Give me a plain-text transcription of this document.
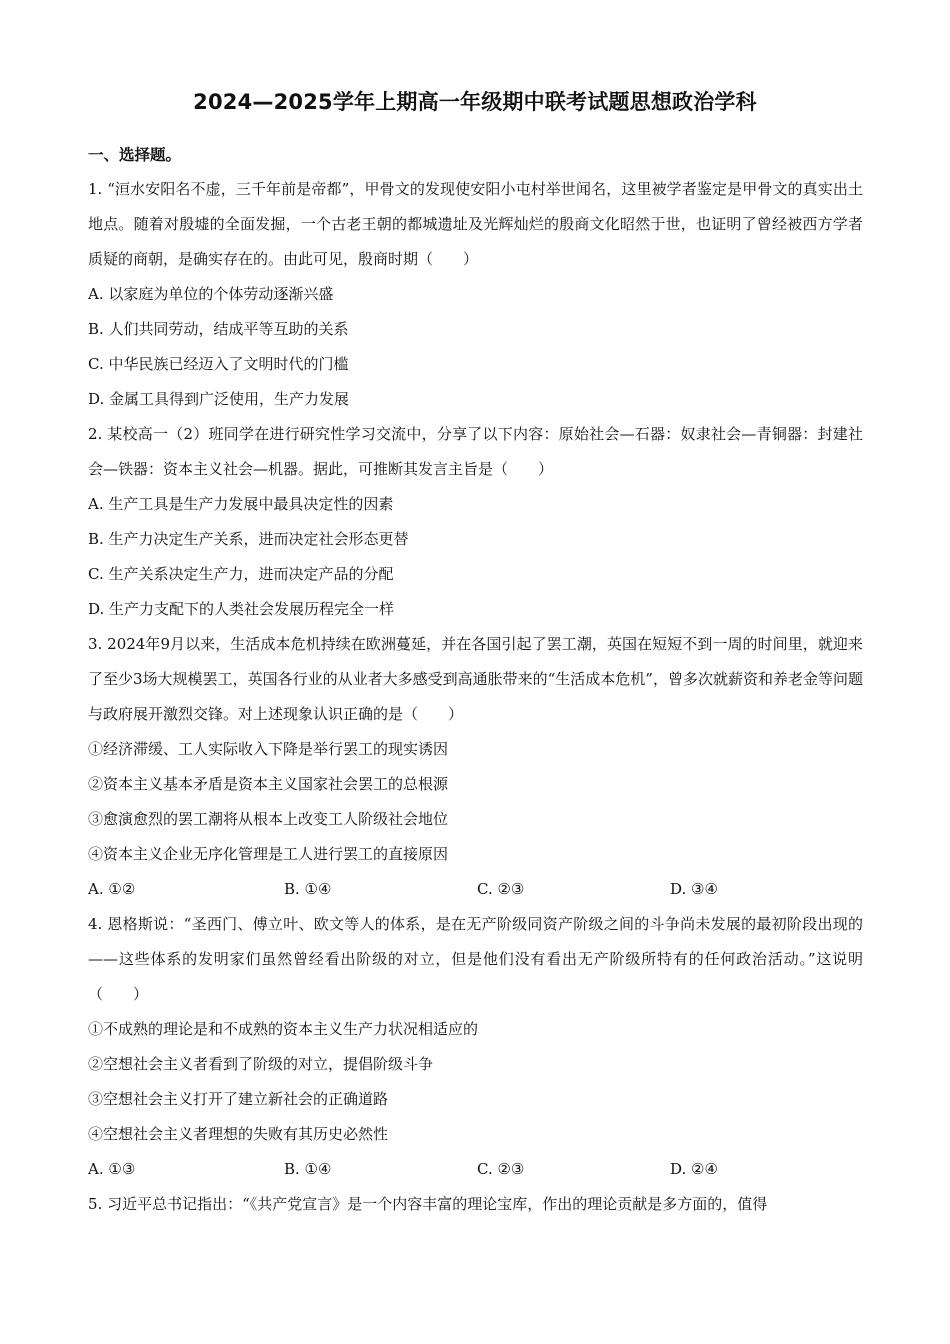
2024—2025学年上期高一年级期中联考试题思想政治学科
一、选择题。
1. “洹水安阳名不虚，三千年前是帝都”，甲骨文的发现使安阳小屯村举世闻名，这里被学者鉴定是甲骨文的真实出土地点。随着对殷墟的全面发掘，一个古老王朝的都城遗址及光辉灿烂的殷商文化昭然于世，也证明了曾经被西方学者质疑的商朝，是确实存在的。由此可见，殷商时期（　　）
A. 以家庭为单位的个体劳动逐渐兴盛
B. 人们共同劳动，结成平等互助的关系
C. 中华民族已经迈入了文明时代的门槛
D. 金属工具得到广泛使用，生产力发展
2. 某校高一（2）班同学在进行研究性学习交流中，分享了以下内容：原始社会—石器：奴隶社会—青铜器：封建社会—铁器：资本主义社会—机器。据此，可推断其发言主旨是（　　）
A. 生产工具是生产力发展中最具决定性的因素
B. 生产力决定生产关系，进而决定社会形态更替
C. 生产关系决定生产力，进而决定产品的分配
D. 生产力支配下的人类社会发展历程完全一样
3. 2024年9月以来，生活成本危机持续在欧洲蔓延，并在各国引起了罢工潮，英国在短短不到一周的时间里，就迎来了至少3场大规模罢工，英国各行业的从业者大多感受到高通胀带来的“生活成本危机”，曾多次就薪资和养老金等问题与政府展开激烈交锋。对上述现象认识正确的是（　　）
①经济滞缓、工人实际收入下降是举行罢工的现实诱因
②资本主义基本矛盾是资本主义国家社会罢工的总根源
③愈演愈烈的罢工潮将从根本上改变工人阶级社会地位
④资本主义企业无序化管理是工人进行罢工的直接原因
A. ①②	B. ①④	C. ②③	D. ③④
4. 恩格斯说：“圣西门、傅立叶、欧文等人的体系，是在无产阶级同资产阶级之间的斗争尚未发展的最初阶段出现的——这些体系的发明家们虽然曾经看出阶级的对立，但是他们没有看出无产阶级所特有的任何政治活动。”这说明（　　）
①不成熟的理论是和不成熟的资本主义生产力状况相适应的
②空想社会主义者看到了阶级的对立，提倡阶级斗争
③空想社会主义打开了建立新社会的正确道路
④空想社会主义者理想的失败有其历史必然性
A. ①③	B. ①④	C. ②③	D. ②④
5. 习近平总书记指出：“《共产党宣言》是一个内容丰富的理论宝库，作出的理论贡献是多方面的，值得
